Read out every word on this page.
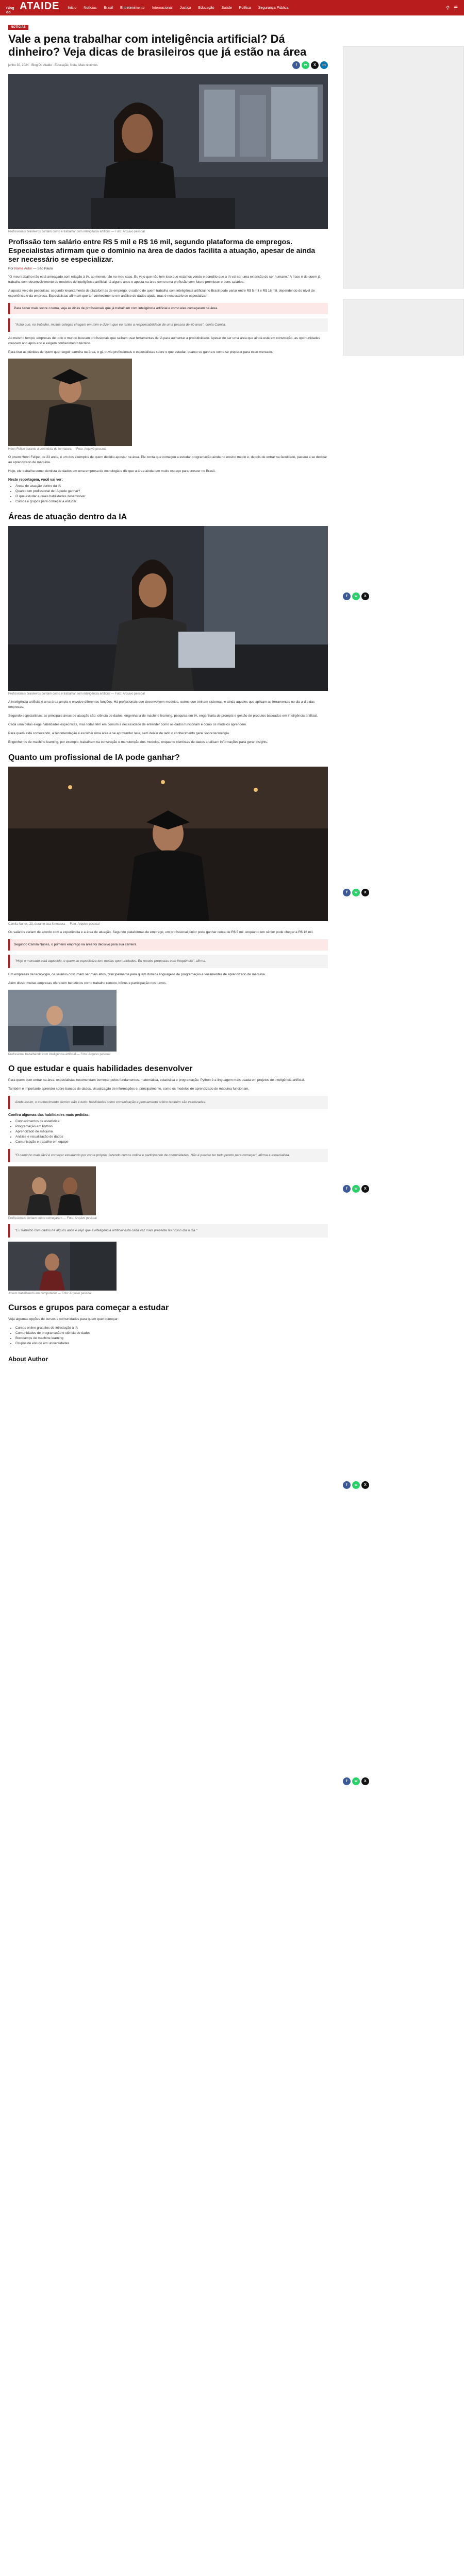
Blog do
ATAIDE Início Notícias Brasil Entretenimento Internacional Justiça Educação Saúde Política Segurança Pública	⚲ ☰
NOTÍCIAS
Vale a pena trabalhar com inteligência artificial? Dá dinheiro? Veja dicas de brasileiros que já estão na área
junho 30, 2024 · Blog Do Ataide · Educação, Nota, Mais recentes	f	w	X	in
Profissionais brasileiros contam como é trabalhar com inteligência artificial — Foto: Arquivo pessoal
Profissão tem salário entre R$ 5 mil e R$ 16 mil, segundo plataforma de empregos. Especialistas afirmam que o domínio na área de dados facilita a atuação, apesar de ainda ser necessário se especializar.
Por Nome Autor — São Paulo

"O meu trabalho não está ameaçado com relação à IA, ao menos não no meu caso. Eu vejo que não tem isso que estamos vendo e acredito que a IA vai ser uma extensão do ser humano." A frase é de quem já trabalha com desenvolvimento de modelos de inteligência artificial há alguns anos e aposta na área como uma profissão com futuro promissor e bons salários.

A aposta veio de pesquisas: segundo levantamento de plataformas de emprego, o salário de quem trabalha com inteligência artificial no Brasil pode variar entre R$ 5 mil e R$ 16 mil, dependendo do nível de experiência e da empresa. Especialistas afirmam que ter conhecimento em análise de dados ajuda, mas é necessário se especializar.

Para saber mais sobre o tema, veja as dicas de profissionais que já trabalham com inteligência artificial e como eles começaram na área.
"Acho que, no trabalho, muitos colegas chegam em mim e dizem que eu tenho a responsabilidade de uma pessoa de 40 anos", conta Camila.

Ao mesmo tempo, empresas de todo o mundo buscam profissionais que saibam usar ferramentas de IA para aumentar a produtividade. Apesar de ser uma área que ainda está em construção, as oportunidades crescem ano após ano e exigem conhecimento técnico.

Para tirar as dúvidas de quem quer seguir carreira na área, o g1 ouviu profissionais e especialistas sobre o que estudar, quanto se ganha e como se preparar para esse mercado.

Henri Felipe durante a cerimônia de formatura — Foto: Arquivo pessoal

O jovem Henri Felipe, de 23 anos, é um dos exemplos de quem decidiu apostar na área. Ele conta que começou a estudar programação ainda no ensino médio e, depois de entrar na faculdade, passou a se dedicar ao aprendizado de máquina.

Hoje, ele trabalha como cientista de dados em uma empresa de tecnologia e diz que a área ainda tem muito espaço para crescer no Brasil.

Neste reportagem, você vai ver:
• Áreas de atuação dentro da IA
• Quanto um profissional de IA pode ganhar?
• O que estudar e quais habilidades desenvolver
• Cursos e grupos para começar a estudar
Áreas de atuação dentro da IA
Profissionais brasileiros contam como é trabalhar com inteligência artificial — Foto: Arquivo pessoal

A inteligência artificial é uma área ampla e envolve diferentes funções. Há profissionais que desenvolvem modelos, outros que treinam sistemas, e ainda aqueles que aplicam as ferramentas no dia a dia das empresas.

Segundo especialistas, as principais áreas de atuação são: ciência de dados, engenharia de machine learning, pesquisa em IA, engenharia de prompts e gestão de produtos baseados em inteligência artificial.

Cada uma delas exige habilidades específicas, mas todas têm em comum a necessidade de entender como os dados funcionam e como os modelos aprendem.

Para quem está começando, a recomendação é escolher uma área e se aprofundar nela, sem deixar de lado o conhecimento geral sobre tecnologia.

Engenheiros de machine learning, por exemplo, trabalham na construção e manutenção dos modelos, enquanto cientistas de dados analisam informações para gerar insights.

Quanto um profissional de IA pode ganhar?
Camila Nunes, 23, durante sua formatura — Foto: Arquivo pessoal

Os salários variam de acordo com a experiência e a área de atuação. Segundo plataformas de emprego, um profissional júnior pode ganhar cerca de R$ 5 mil, enquanto um sênior pode chegar a R$ 16 mil.

Segundo Camila Nunes, o primeiro emprego na área foi decisivo para sua carreira.
"Hoje o mercado está aquecido, e quem se especializa tem muitas oportunidades. Eu recebo propostas com frequência", afirma.

Em empresas de tecnologia, os salários costumam ser mais altos, principalmente para quem domina linguagens de programação e ferramentas de aprendizado de máquina.

Além disso, muitas empresas oferecem benefícios como trabalho remoto, bônus e participação nos lucros.

Profissional trabalhando com inteligência artificial — Foto: Arquivo pessoal
O que estudar e quais habilidades desenvolver

Para quem quer entrar na área, especialistas recomendam começar pelos fundamentos: matemática, estatística e programação. Python é a linguagem mais usada em projetos de inteligência artificial.

Também é importante aprender sobre bancos de dados, visualização de informações e, principalmente, como os modelos de aprendizado de máquina funcionam.

Ainda assim, o conhecimento técnico não é tudo: habilidades como comunicação e pensamento crítico também são valorizadas.
Confira algumas das habilidades mais pedidas:
• Conhecimentos de estatística
• Programação em Python
• Aprendizado de máquina
• Análise e visualização de dados
• Comunicação e trabalho em equipe
"O caminho mais fácil é começar estudando por conta própria, fazendo cursos online e participando de comunidades. Não é preciso ter tudo pronto para começar", afirma a especialista.
Profissionais contam como começaram — Foto: Arquivo pessoal
"Eu trabalho com dados há alguns anos e vejo que a inteligência artificial está cada vez mais presente no nosso dia a dia."
Jovem trabalhando em computador — Foto: Arquivo pessoal
Cursos e grupos para começar a estudar

Veja algumas opções de cursos e comunidades para quem quer começar:

• Cursos online gratuitos de introdução à IA
• Comunidades de programação e ciência de dados
• Bootcamps de machine learning
• Grupos de estudo em universidades
About Author
f	w	X
f	w	X
f	w	X
f	w	X
f	w	X
